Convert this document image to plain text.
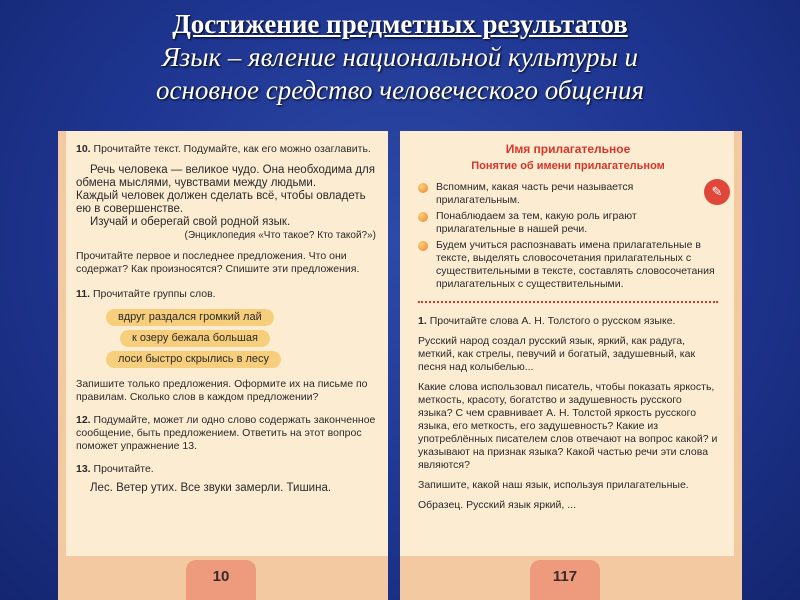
Достижение предметных результатов
Язык – явление национальной культуры и
основное средство человеческого общения
10. Прочитайте текст. Подумайте, как его можно озаглавить.
Речь человека — великое чудо. Она необходима для обмена мыслями, чувствами между людьми.
Каждый человек должен сделать всё, чтобы овладеть ею в совершенстве.

Изучай и оберегай свой родной язык.
(Энциклопедия «Что такое? Кто такой?»)
Прочитайте первое и последнее предложения. Что они содержат? Как произносятся? Спишите эти предложения.
11. Прочитайте группы слов.
вдруг раздался громкий лай
к озеру бежала большая
лоси быстро скрылись в лесу
Запишите только предложения. Оформите их на письме по правилам. Сколько слов в каждом предложении?
12. Подумайте, может ли одно слово содержать законченное сообщение, быть предложением. Ответить на этот вопрос поможет упражнение 13.
13. Прочитайте.
Лес. Ветер утих. Все звуки замерли. Тишина.
10
Имя прилагательное
Понятие об имени прилагательном
Вспомним, какая часть речи называется прилагательным.
Понаблюдаем за тем, какую роль играют прилагательные в нашей речи.
Будем учиться распознавать имена прилагательные в тексте, выделять словосочетания прилагательных с существительными в тексте, составлять словосочетания прилагательных с существительными.
1. Прочитайте слова А. Н. Толстого о русском языке.
Русский народ создал русский язык, яркий, как радуга, меткий, как стрелы, певучий и богатый, задушевный, как песня над колыбелью...
Какие слова использовал писатель, чтобы показать яркость, меткость, красоту, богатство и задушевность русского языка? С чем сравнивает А. Н. Толстой яркость русского языка, его меткость, его задушевность? Какие из употреблённых писателем слов отвечают на вопрос какой? и указывают на признак языка? Какой частью речи эти слова являются?
Запишите, какой наш язык, используя прилагательные.
Образец. Русский язык яркий, ...
✎
117
